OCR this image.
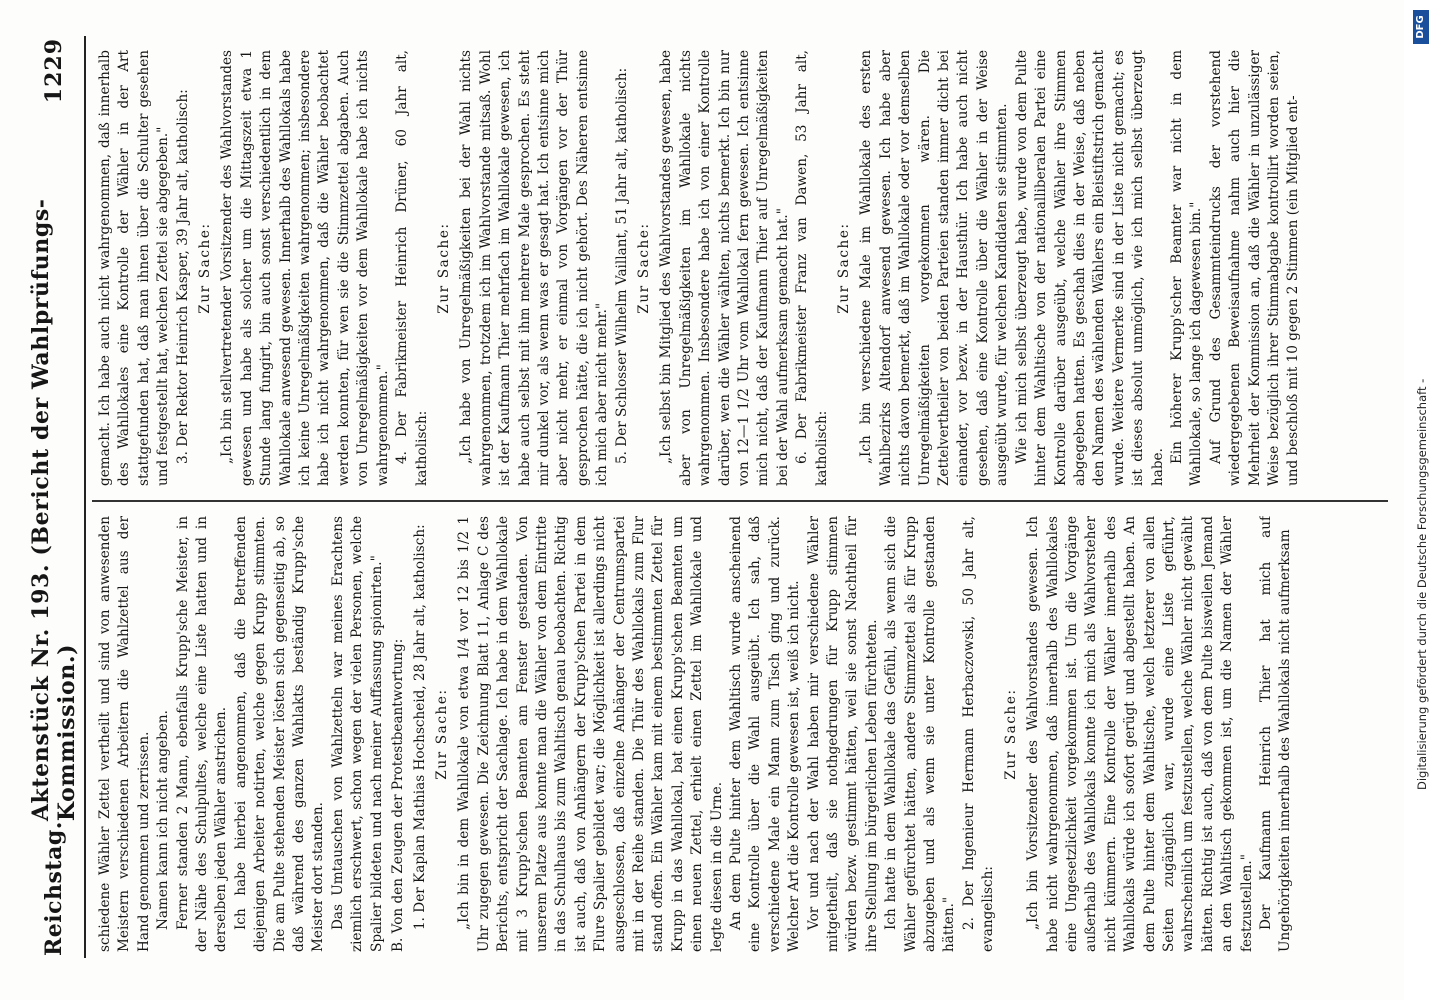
Reichstag.
Aktenstück Nr. 193. (Bericht der Wahlprüfungs-Kommission.)
1229

schiedene Wähler Zettel vertheilt und sind von anwesenden Meistern verschiedenen Arbeitern die Wahlzettel aus der Hand genommen und zerrissen. Namen kann ich nicht angeben. Ferner standen 2 Mann, ebenfalls Krupp'sche Meister, in der Nähe des Schulpultes, welche eine Liste hatten und in derselben jeden Wähler anstrichen. Ich habe hierbei angenommen, daß die Betreffenden diejenigen Arbeiter notirten, welche gegen Krupp stimmten. Die am Pulte stehenden Meister lösten sich gegenseitig ab, so daß während des ganzen Wahlakts beständig Krupp'sche Meister dort standen. Das Umtauschen von Wahlzetteln war meines Erachtens ziemlich erschwert, schon wegen der vielen Personen, welche Spalier bildeten und nach meiner Auffassung spionirten." B. Von den Zeugen der Protestbeantwortung: 1. Der Kaplan Mathias Hochscheid, 28 Jahr alt, katholisch: Zur Sache: „Ich bin in dem Wahllokale von etwa 1/4 vor 12 bis 1/2 1 Uhr zugegen gewesen. Die Zeichnung Blatt 11, Anlage C des Berichts, entspricht der Sachlage. Ich habe in dem Wahllokale mit 3 Krupp'schen Beamten am Fenster gestanden. Von unserem Platze aus konnte man die Wähler von dem Eintritte in das Schulhaus bis zum Wahltisch genau beobachten. Richtig ist auch, daß von Anhängern der Krupp'schen Partei in dem Flure Spalier gebildet war; die Möglichkeit ist allerdings nicht ausgeschlossen, daß einzelne Anhänger der Centrumspartei mit in der Reihe standen. Die Thür des Wahllokals zum Flur stand offen. Ein Wähler kam mit einem bestimmten Zettel für Krupp in das Wahllokal, bat einen Krupp'schen Beamten um einen neuen Zettel, erhielt einen Zettel im Wahllokale und legte diesen in die Urne. An dem Pulte hinter dem Wahltisch wurde anscheinend eine Kontrolle über die Wahl ausgeübt. Ich sah, daß verschiedene Male ein Mann zum Tisch ging und zurück. Welcher Art die Kontrolle gewesen ist, weiß ich nicht. Vor und nach der Wahl haben mir verschiedene Wähler mitgetheilt, daß sie nothgedrungen für Krupp stimmen würden bezw. gestimmt hätten, weil sie sonst Nachtheil für ihre Stellung im bürgerlichen Leben fürchteten. Ich hatte in dem Wahllokale das Gefühl, als wenn sich die Wähler gefürchtet hätten, andere Stimmzettel als für Krupp abzugeben und als wenn sie unter Kontrolle gestanden hätten." 2. Der Ingenieur Hermann Herbaczowski, 50 Jahr alt, evangelisch:

Zur Sache: „Ich bin Vorsitzender des Wahlvorstandes gewesen. Ich habe nicht wahrgenommen, daß innerhalb des Wahllokales eine Ungesetzlichkeit vorgekommen ist. Um die Vorgänge außerhalb des Wahllokals konnte ich mich als Wahlvorsteher nicht kümmern. Eine Kontrolle der Wähler innerhalb des Wahllokals würde ich sofort gerügt und abgestellt haben. An dem Pulte hinter dem Wahltische, welch letzterer von allen Seiten zugänglich war, wurde eine Liste geführt, wahrscheinlich um festzustellen, welche Wähler nicht gewählt hätten. Richtig ist auch, daß von dem Pulte bisweilen Jemand an den Wahltisch gekommen ist, um die Namen der Wähler festzustellen." Der Kaufmann Heinrich Thier hat mich auf Ungehörigkeiten innerhalb des Wahllokals nicht aufmerksam

gemacht. Ich habe auch nicht wahrgenommen, daß innerhalb des Wahllokales eine Kontrolle der Wähler in der Art stattgefunden hat, daß man ihnen über die Schulter gesehen und festgestellt hat, welchen Zettel sie abgegeben." 3. Der Rektor Heinrich Kasper, 39 Jahr alt, katholisch: Zur Sache: „Ich bin stellvertretender Vorsitzender des Wahlvorstandes gewesen und habe als solcher um die Mittagszeit etwa 1 Stunde lang fungirt, bin auch sonst verschiedentlich in dem Wahllokale anwesend gewesen. Innerhalb des Wahllokals habe ich keine Unregelmäßigkeiten wahrgenommen; insbesondere habe ich nicht wahrgenommen, daß die Wähler beobachtet werden konnten, für wen sie die Stimmzettel abgaben. Auch von Unregelmäßigkeiten vor dem Wahllokale habe ich nichts wahrgenommen." 4. Der Fabrikmeister Heinrich Drüner, 60 Jahr alt, katholisch:

Zur Sache: „Ich habe von Unregelmäßigkeiten bei der Wahl nichts wahrgenommen, trotzdem ich im Wahlvorstande mitsaß. Wohl ist der Kaufmann Thier mehrfach im Wahllokale gewesen, ich habe auch selbst mit ihm mehrere Male gesprochen. Es steht mir dunkel vor, als wenn was er gesagt hat. Ich entsinne mich aber nicht mehr, er einmal von Vorgängen vor der Thür gesprochen hätte, die ich nicht gehört. Des Näheren entsinne ich mich aber nicht mehr." 5. Der Schlosser Wilhelm Vaillant, 51 Jahr alt, katholisch: Zur Sache: „Ich selbst bin Mitglied des Wahlvorstandes gewesen, habe aber von Unregelmäßigkeiten im Wahllokale nichts wahrgenommen. Insbesondere habe ich von einer Kontrolle darüber, wen die Wähler wählten, nichts bemerkt. Ich bin nur von 12—1 1/2 Uhr vom Wahllokal fern gewesen. Ich entsinne mich nicht, daß der Kaufmann Thier auf Unregelmäßigkeiten bei der Wahl aufmerksam gemacht hat." 6. Der Fabrikmeister Franz van Dawen, 53 Jahr alt, katholisch:

Zur Sache: „Ich bin verschiedene Male im Wahllokale des ersten Wahlbezirks Altendorf anwesend gewesen. Ich habe aber nichts davon bemerkt, daß im Wahllokale oder vor demselben Unregelmäßigkeiten vorgekommen wären. Die Zettelvertheiler von beiden Parteien standen immer dicht bei einander, vor bezw. in der Hausthür. Ich habe auch nicht gesehen, daß eine Kontrolle über die Wähler in der Weise ausgeübt wurde, für welchen Kandidaten sie stimmten. Wie ich mich selbst überzeugt habe, wurde von dem Pulte hinter dem Wahltische von der nationalliberalen Partei eine Kontrolle darüber ausgeübt, welche Wähler ihre Stimmen abgegeben hatten. Es geschah dies in der Weise, daß neben den Namen des wählenden Wählers ein Bleistiftstrich gemacht wurde. Weitere Vermerke sind in der Liste nicht gemacht; es ist dieses absolut unmöglich, wie ich mich selbst überzeugt habe.

Ein höherer Krupp'scher Beamter war nicht in dem Wahllokale, so lange ich dagewesen bin." Auf Grund des Gesammteindrucks der vorstehend wiedergegebenen Beweisaufnahme nahm auch hier die Mehrheit der Kommission an, daß die Wähler in unzulässiger Weise bezüglich ihrer Stimmabgabe kontrollirt worden seien, und beschloß mit 10 gegen 2 Stimmen (ein Mitglied ent-

Digitalisierung gefördert durch die Deutsche Forschungsgemeinschaft -
DFG
